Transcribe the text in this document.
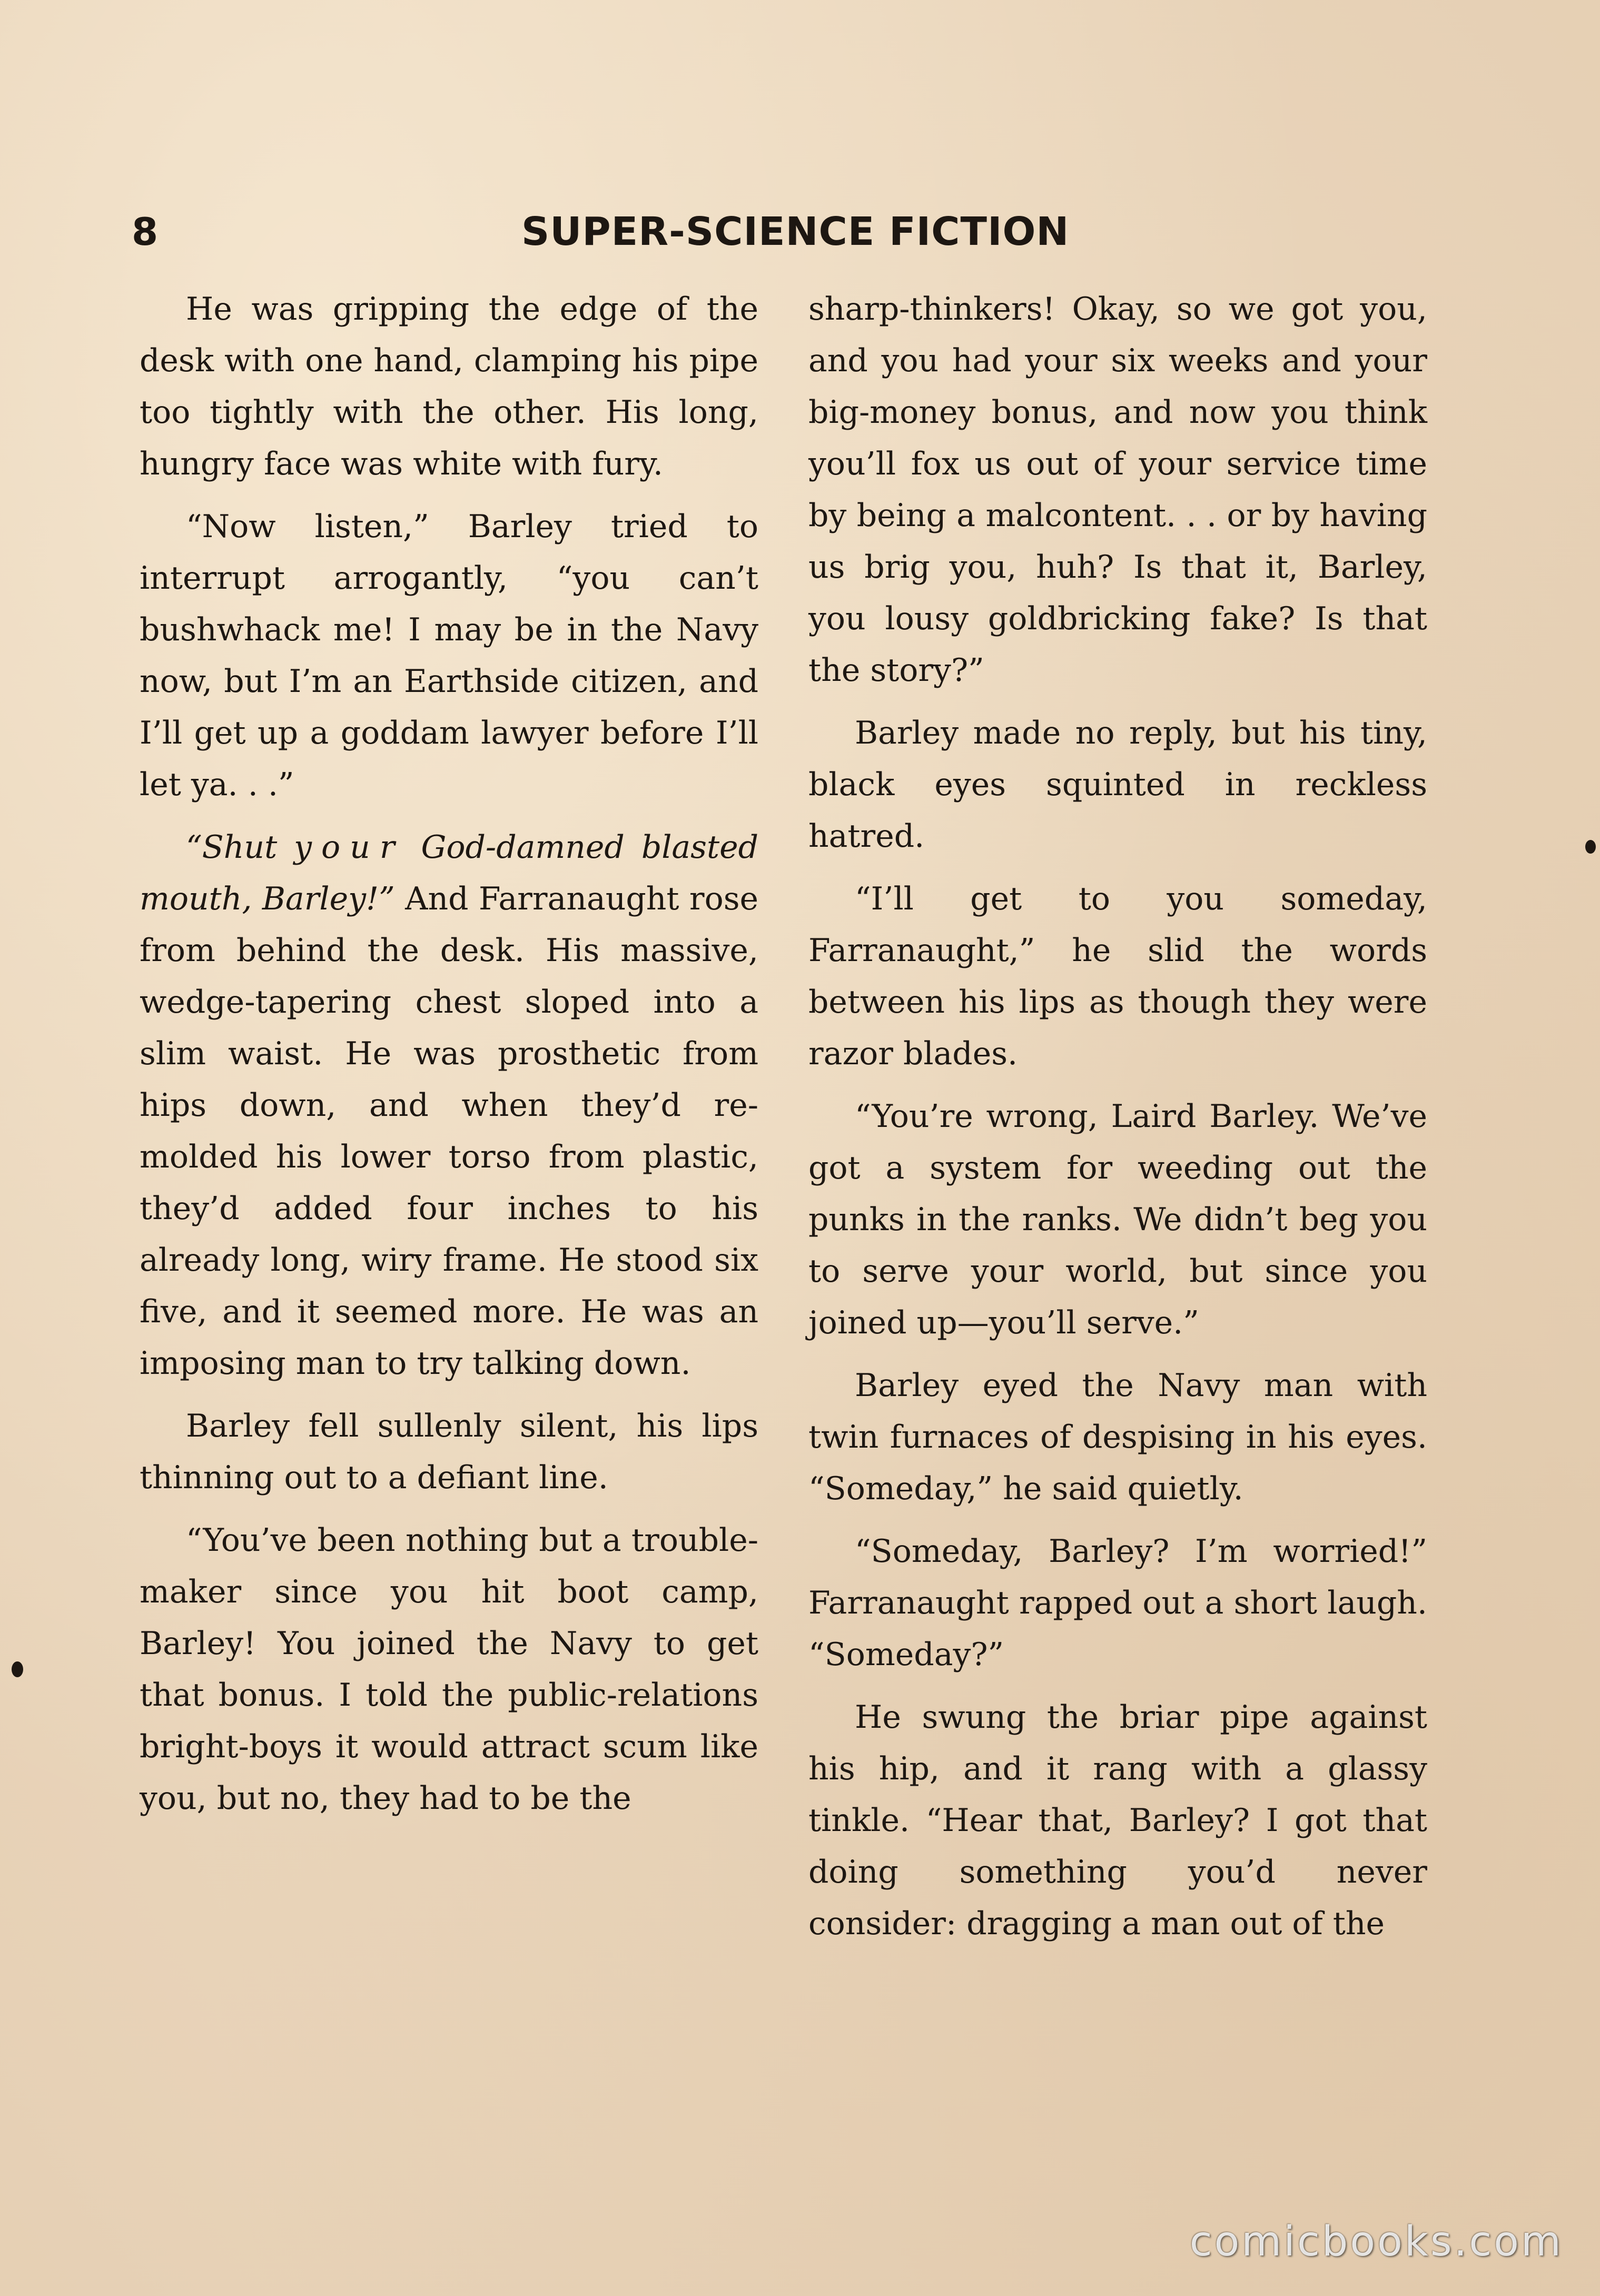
8	SUPER-SCIENCE FICTION

He was gripping the edge of the desk with one hand, clamping his pipe too tightly with the other. His long, hungry face was white with fury.

“Now listen,” Barley tried to interrupt arrogantly, “you can’t bushwhack me! I may be in the Navy now, but I’m an Earthside citizen, and I’ll get up a goddam lawyer before I’ll let ya. . .”

“Shut your God-damned blasted mouth, Barley!” And Farranaught rose from behind the desk. His massive, wedge-tapering chest sloped into a slim waist. He was prosthetic from hips down, and when they’d re-molded his lower torso from plastic, they’d added four inches to his already long, wiry frame. He stood six five, and it seemed more. He was an imposing man to try talking down.

Barley fell sullenly silent, his lips thinning out to a defiant line.

“You’ve been nothing but a trouble-maker since you hit boot camp, Barley! You joined the Navy to get that bonus. I told the public-relations bright-boys it would attract scum like you, but no, they had to be the

sharp-thinkers! Okay, so we got you, and you had your six weeks and your big-money bonus, and now you think you’ll fox us out of your service time by being a malcontent. . . or by having us brig you, huh? Is that it, Barley, you lousy goldbricking fake? Is that the story?”

Barley made no reply, but his tiny, black eyes squinted in reckless hatred.

“I’ll get to you someday, Farranaught,” he slid the words between his lips as though they were razor blades.

“You’re wrong, Laird Barley. We’ve got a system for weeding out the punks in the ranks. We didn’t beg you to serve your world, but since you joined up—you’ll serve.”

Barley eyed the Navy man with twin furnaces of despising in his eyes. “Someday,” he said quietly.

“Someday, Barley? I’m worried!” Farranaught rapped out a short laugh. “Someday?”

He swung the briar pipe against his hip, and it rang with a glassy tinkle. “Hear that, Barley? I got that doing something you’d never consider: dragging a man out of the

comicbooks.com
